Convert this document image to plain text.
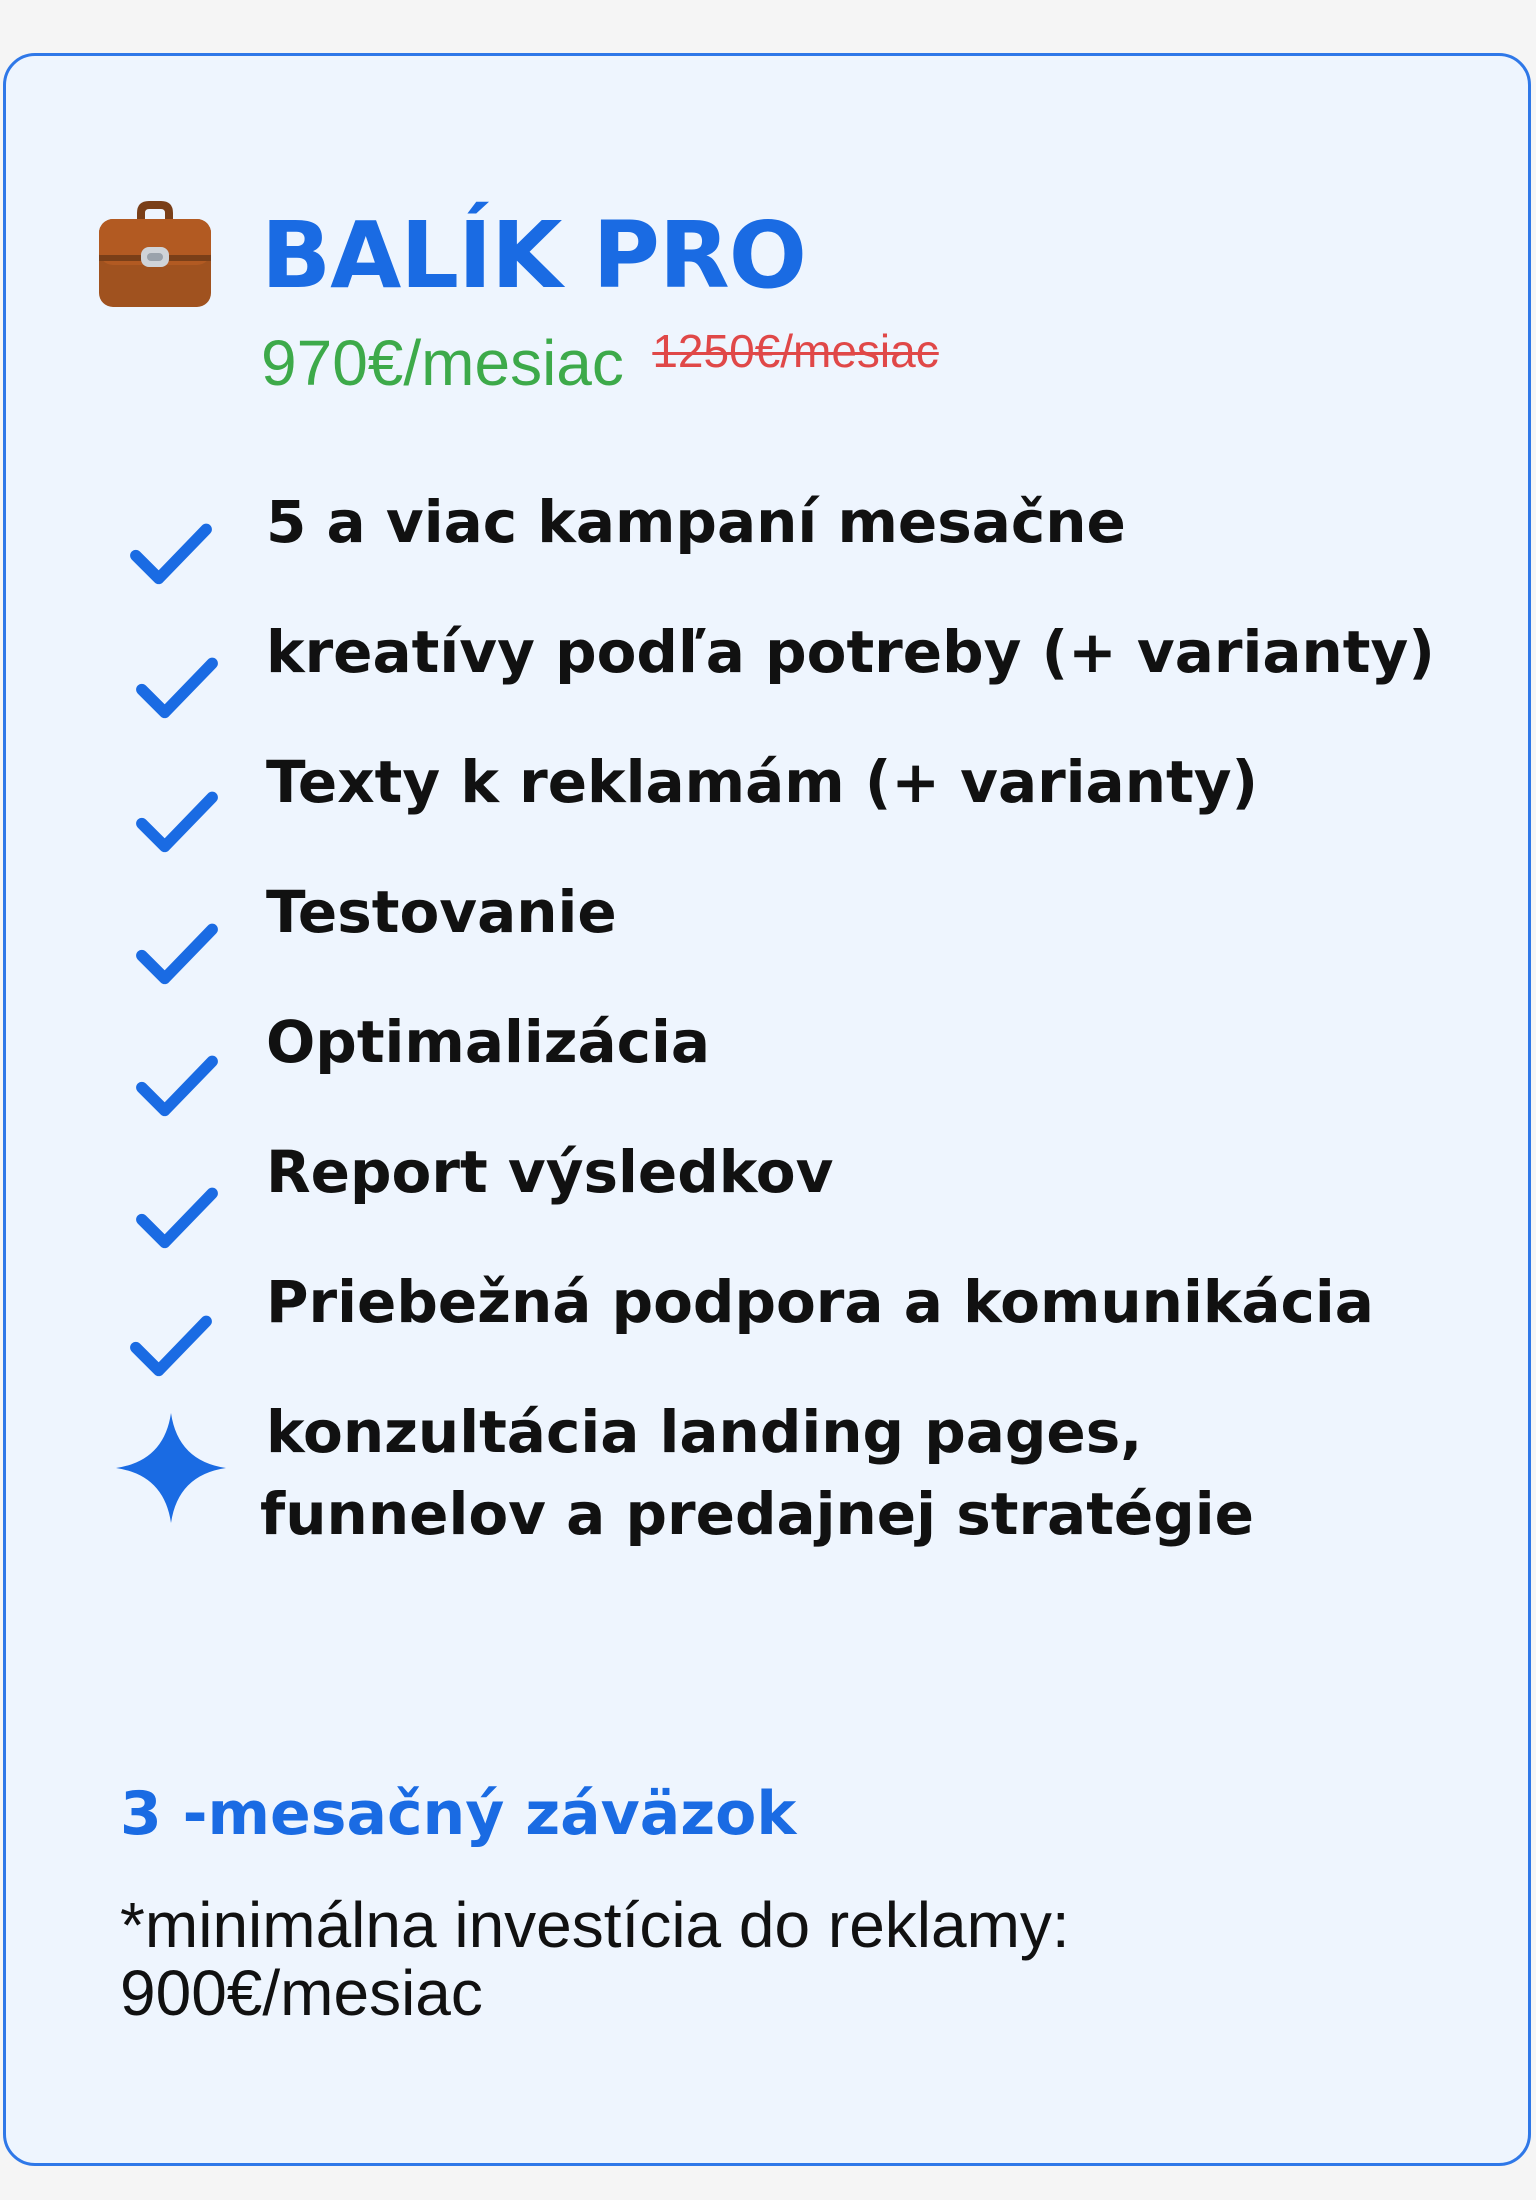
BALÍK PRO
970€/mesiac 1250€/mesiac
5 a viac kampaní mesačne
kreatívy podľa potreby (+ varianty)
Texty k reklamám (+ varianty)
Testovanie
Optimalizácia
Report výsledkov
Priebežná podpora a komunikácia
konzultácia landing pages,
funnelov a predajnej stratégie
3 -mesačný záväzok
*minimálna investícia do reklamy:
900€/mesiac
